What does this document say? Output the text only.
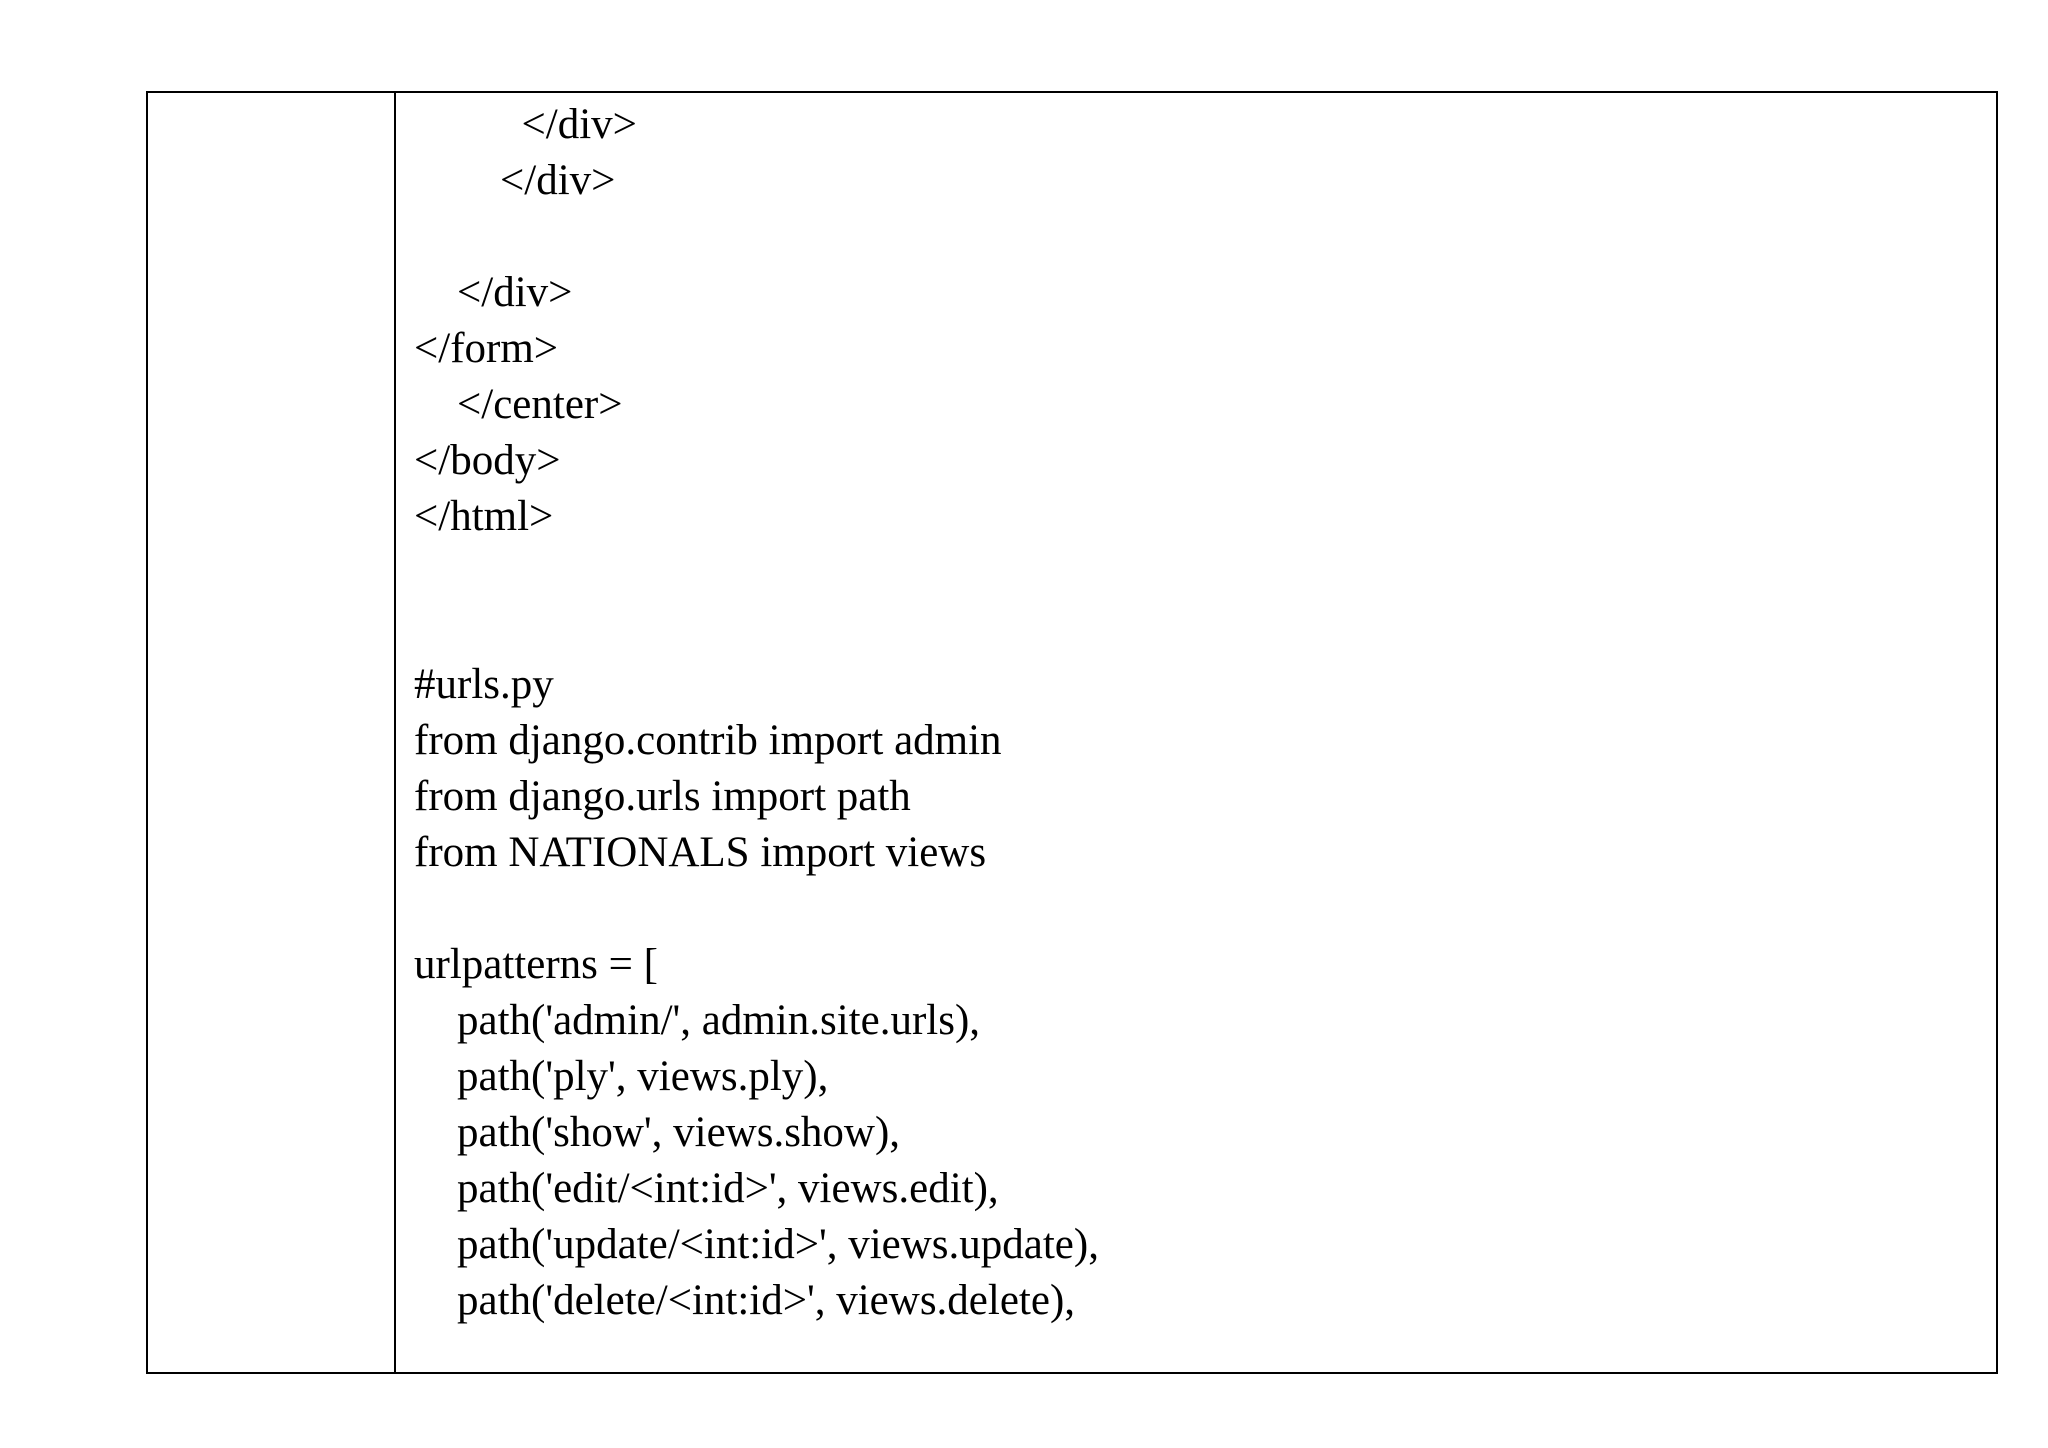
</div>
</div>
</div>
</form>
</center>
</body>
</html>
#urls.py
from django.contrib import admin
from django.urls import path
from NATIONALS import views
urlpatterns = [
path('admin/', admin.site.urls),
path('ply', views.ply),
path('show', views.show),
path('edit/<int:id>', views.edit),
path('update/<int:id>', views.update),
path('delete/<int:id>', views.delete),
